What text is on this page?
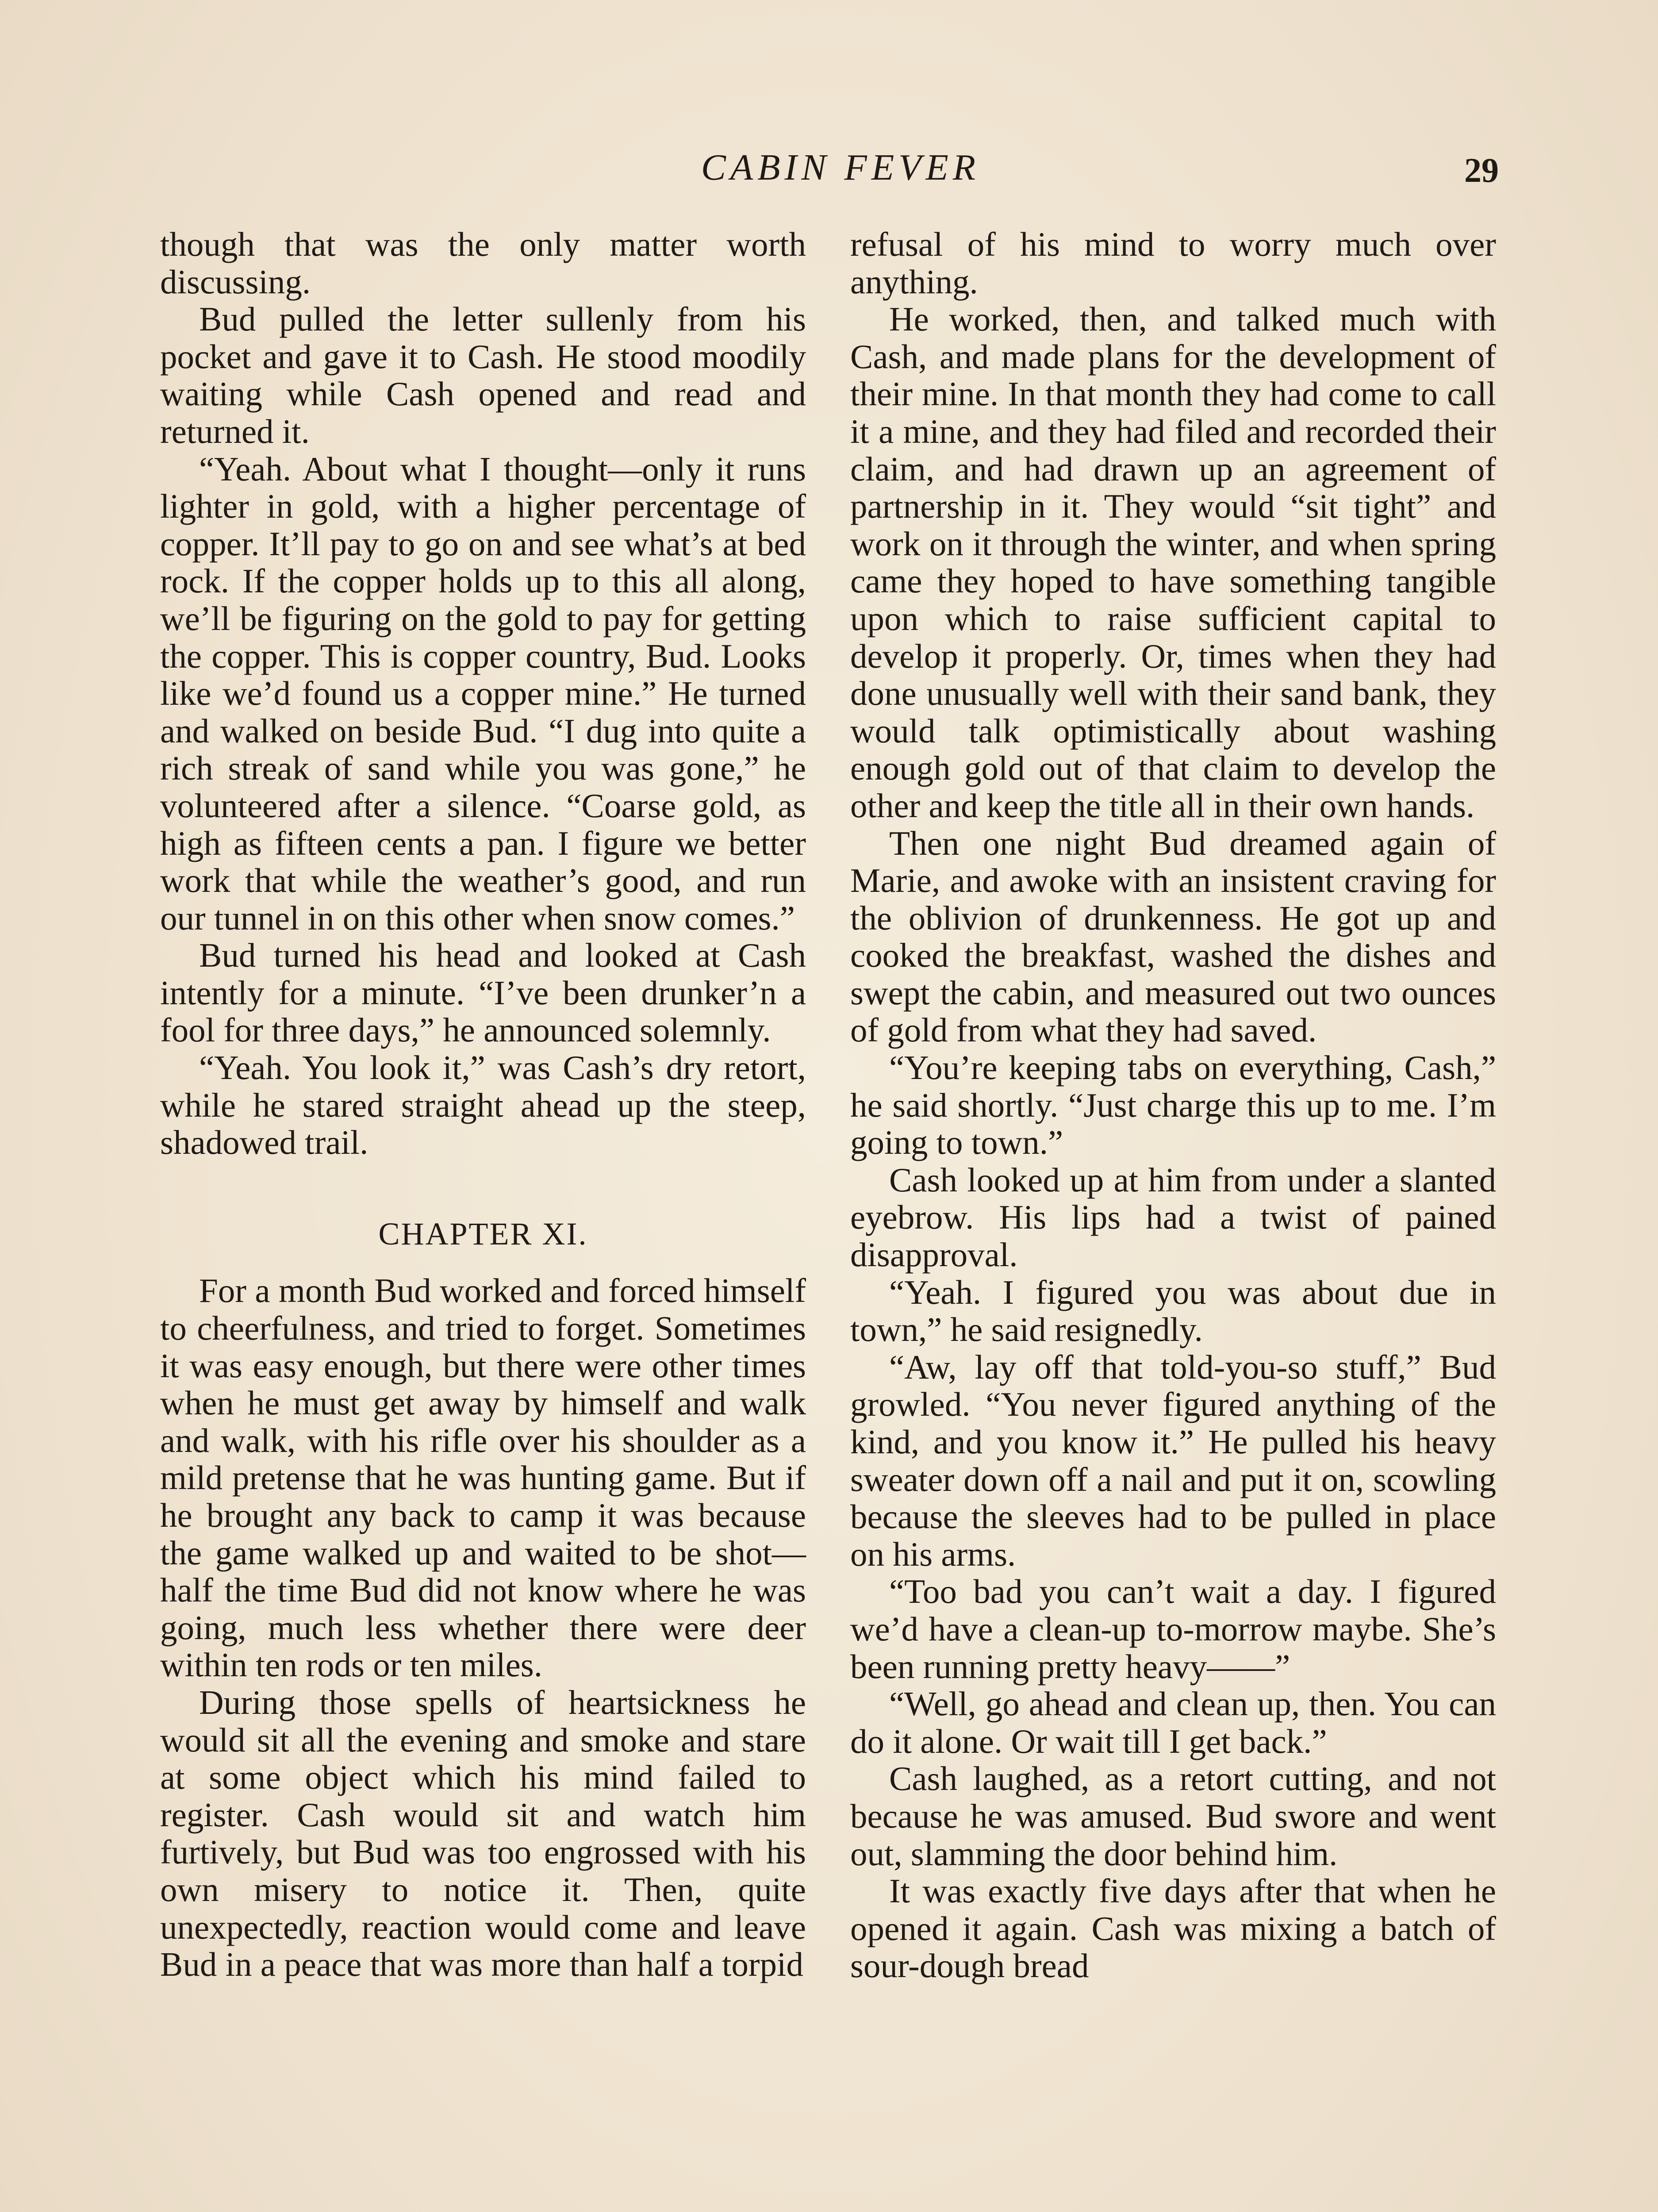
CABIN FEVER	29

though that was the only matter worth discussing.

Bud pulled the letter sullenly from his pocket and gave it to Cash. He stood moodily waiting while Cash opened and read and returned it.

“Yeah. About what I thought—only it runs lighter in gold, with a higher percentage of copper. It’ll pay to go on and see what’s at bed rock. If the copper holds up to this all along, we’ll be figuring on the gold to pay for getting the copper. This is copper country, Bud. Looks like we’d found us a copper mine.” He turned and walked on beside Bud. “I dug into quite a rich streak of sand while you was gone,” he volunteered after a silence. “Coarse gold, as high as fifteen cents a pan. I figure we better work that while the weather’s good, and run our tunnel in on this other when snow comes.”

Bud turned his head and looked at Cash intently for a minute. “I’ve been drunker’n a fool for three days,” he announced solemnly.

“Yeah. You look it,” was Cash’s dry retort, while he stared straight ahead up the steep, shadowed trail.

CHAPTER XI.

For a month Bud worked and forced himself to cheerfulness, and tried to forget. Sometimes it was easy enough, but there were other times when he must get away by himself and walk and walk, with his rifle over his shoulder as a mild pretense that he was hunting game. But if he brought any back to camp it was because the game walked up and waited to be shot—half the time Bud did not know where he was going, much less whether there were deer within ten rods or ten miles.

During those spells of heartsickness he would sit all the evening and smoke and stare at some object which his mind failed to register. Cash would sit and watch him furtively, but Bud was too engrossed with his own misery to notice it. Then, quite unexpectedly, reaction would come and leave Bud in a peace that was more than half a torpid

refusal of his mind to worry much over anything.

He worked, then, and talked much with Cash, and made plans for the development of their mine. In that month they had come to call it a mine, and they had filed and recorded their claim, and had drawn up an agreement of partnership in it. They would “sit tight” and work on it through the winter, and when spring came they hoped to have something tangible upon which to raise sufficient capital to develop it properly. Or, times when they had done unusually well with their sand bank, they would talk optimistically about washing enough gold out of that claim to develop the other and keep the title all in their own hands.

Then one night Bud dreamed again of Marie, and awoke with an insistent craving for the oblivion of drunkenness. He got up and cooked the breakfast, washed the dishes and swept the cabin, and measured out two ounces of gold from what they had saved.

“You’re keeping tabs on everything, Cash,” he said shortly. “Just charge this up to me. I’m going to town.”

Cash looked up at him from under a slanted eyebrow. His lips had a twist of pained disapproval.

“Yeah. I figured you was about due in town,” he said resignedly.

“Aw, lay off that told-you-so stuff,” Bud growled. “You never figured anything of the kind, and you know it.” He pulled his heavy sweater down off a nail and put it on, scowling because the sleeves had to be pulled in place on his arms.

“Too bad you can’t wait a day. I figured we’d have a clean-up to-morrow maybe. She’s been running pretty heavy——”

“Well, go ahead and clean up, then. You can do it alone. Or wait till I get back.”

Cash laughed, as a retort cutting, and not because he was amused. Bud swore and went out, slamming the door behind him.

It was exactly five days after that when he opened it again. Cash was mixing a batch of sour-dough bread
